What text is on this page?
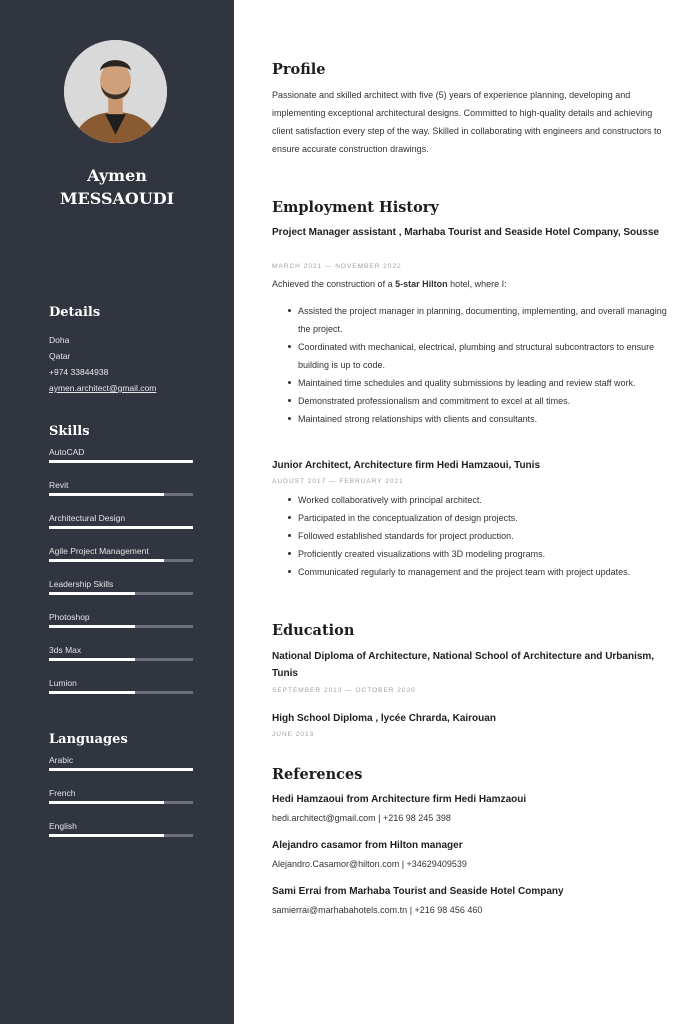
Aymen
MESSAOUDI
Details
Doha
Qatar
+974 33844938
aymen.architect@gmail.com
Skills
AutoCAD
Revit
Architectural Design
Agile Project Management
Leadership Skills
Photoshop
3ds Max
Lumion
Languages
Arabic
French
English
Profile
Passionate and skilled architect with five (5) years of experience planning, developing and implementing exceptional architectural designs. Committed to high-quality details and achieving client satisfaction every step of the way. Skilled in collaborating with engineers and constructors to ensure accurate construction drawings.
Employment History
Project Manager assistant , Marhaba Tourist and Seaside Hotel Company, Sousse
MARCH 2021 — NOVEMBER 2022
Achieved the construction of a 5-star Hilton hotel, where I:
Assisted the project manager in planning, documenting, implementing, and overall managing the project.
Coordinated with mechanical, electrical, plumbing and structural subcontractors to ensure building is up to code.
Maintained time schedules and quality submissions by leading and review staff work.
Demonstrated professionalism and commitment to excel at all times.
Maintained strong relationships with clients and consultants.
Junior Architect, Architecture firm Hedi Hamzaoui, Tunis
AUGUST 2017 — FEBRUARY 2021
Worked collaboratively with principal architect.
Participated in the conceptualization of design projects.
Followed established standards for project production.
Proficiently created visualizations with 3D modeling programs.
Communicated regularly to management and the project team with project updates.
Education
National Diploma of Architecture, National School of Architecture and Urbanism, Tunis
SEPTEMBER 2013 — OCTOBER 2020
High School Diploma , lycée Chrarda, Kairouan
JUNE 2013
References
Hedi Hamzaoui from Architecture firm Hedi Hamzaoui
hedi.architect@gmail.com | +216 98 245 398
Alejandro casamor from Hilton manager
Alejandro.Casamor@hilton.com | +34629409539
Sami Errai from Marhaba Tourist and Seaside Hotel Company
samierrai@marhabahotels.com.tn | +216 98 456 460
